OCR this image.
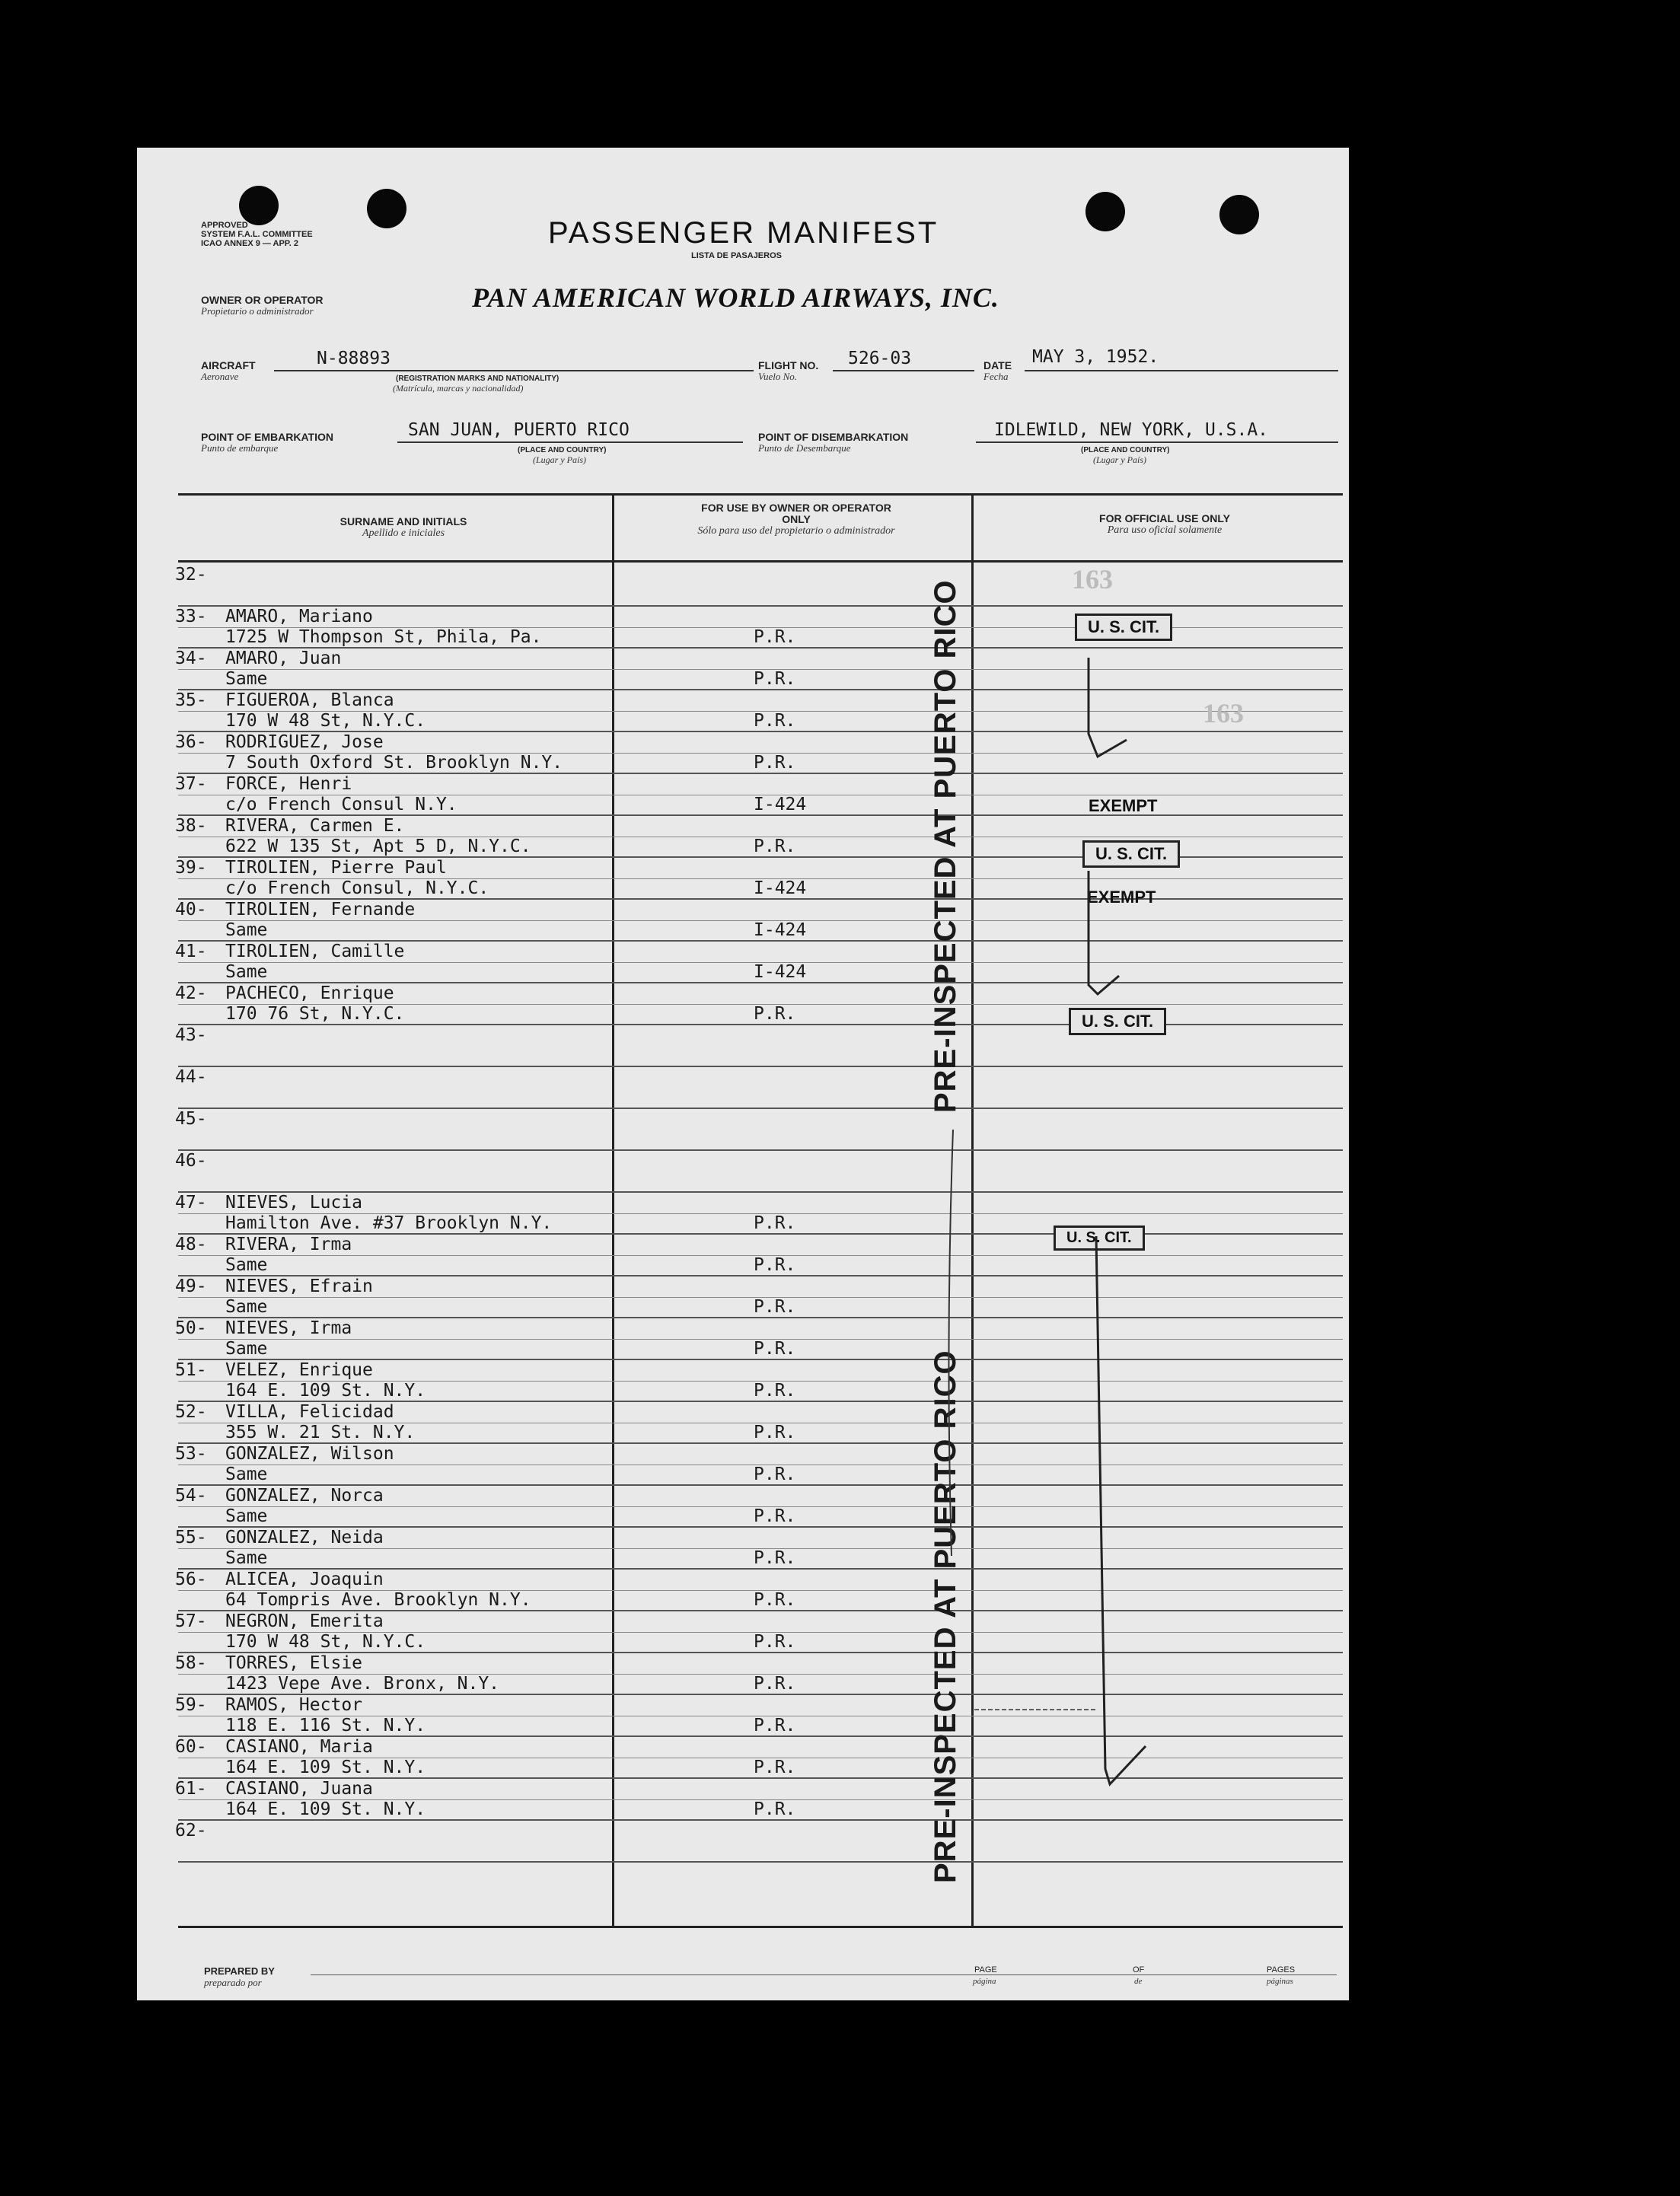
APPROVED
SYSTEM F.A.L. COMMITTEE
ICAO ANNEX 9 — APP. 2	PASSENGER MANIFEST
LISTA DE PASAJEROS
OWNER OR OPERATOR
Propietario o administrador	PAN AMERICAN WORLD AIRWAYS, INC.
AIRCRAFT
Aeronave
N-88893
(REGISTRATION MARKS AND NATIONALITY)
(Matrícula, marcas y nacionalidad)
FLIGHT NO.
Vuelo No.
526-03	DATE
Fecha
MAY 3, 1952.
POINT OF EMBARKATION
Punto de embarque
SAN JUAN, PUERTO RICO
(PLACE AND COUNTRY)
(Lugar y País)
POINT OF DISEMBARKATION
Punto de Desembarque
IDLEWILD, NEW YORK, U.S.A.
(PLACE AND COUNTRY)
(Lugar y País)
SURNAME AND INITIALS
Apellido e iniciales
FOR USE BY OWNER OR OPERATOR ONLY
Sólo para uso del propietario o administrador
FOR OFFICIAL USE ONLY
Para uso oficial solamente
32-
33- AMARO, Mariano
1725 W Thompson St, Phila, Pa.	P.R.
34- AMARO, Juan
Same	P.R.
35- FIGUEROA, Blanca
170 W 48 St, N.Y.C.	P.R.
36- RODRIGUEZ, Jose
7 South Oxford St. Brooklyn N.Y.	P.R.
37- FORCE, Henri
c/o French Consul N.Y.	I-424
38- RIVERA, Carmen E.
622 W 135 St, Apt 5 D, N.Y.C.	P.R.
39- TIROLIEN, Pierre Paul
c/o French Consul, N.Y.C.	I-424
40- TIROLIEN, Fernande
Same	I-424
41- TIROLIEN, Camille
Same	I-424
42- PACHECO, Enrique
170 76 St, N.Y.C.	P.R.
43-
44-
45-
46-
47- NIEVES, Lucia
Hamilton Ave. #37 Brooklyn N.Y.	P.R.
48- RIVERA, Irma
Same	P.R.
49- NIEVES, Efrain
Same	P.R.
50- NIEVES, Irma
Same	P.R.
51- VELEZ, Enrique
164 E. 109 St. N.Y.	P.R.
52- VILLA, Felicidad
355 W. 21 St. N.Y.	P.R.
53- GONZALEZ, Wilson
Same	P.R.
54- GONZALEZ, Norca
Same	P.R.
55- GONZALEZ, Neida
Same	P.R.
56- ALICEA, Joaquin
64 Tompris Ave. Brooklyn N.Y.	P.R.
57- NEGRON, Emerita
170 W 48 St, N.Y.C.	P.R.
58- TORRES, Elsie
1423 Vepe Ave. Bronx, N.Y.	P.R.
59- RAMOS, Hector
118 E. 116 St. N.Y.	P.R.
60- CASIANO, Maria
164 E. 109 St. N.Y.	P.R.
61- CASIANO, Juana
164 E. 109 St. N.Y.	P.R.
62-
163
163
U. S. CIT.
EXEMPT
U. S. CIT.
EXEMPT
U. S. CIT.
U. S. CIT.
PRE-INSPECTED AT PUERTO RICO
PRE-INSPECTED AT PUERTO RICO
PREPARED BY
preparado por
PAGE
página
OF
de
PAGES
páginas
